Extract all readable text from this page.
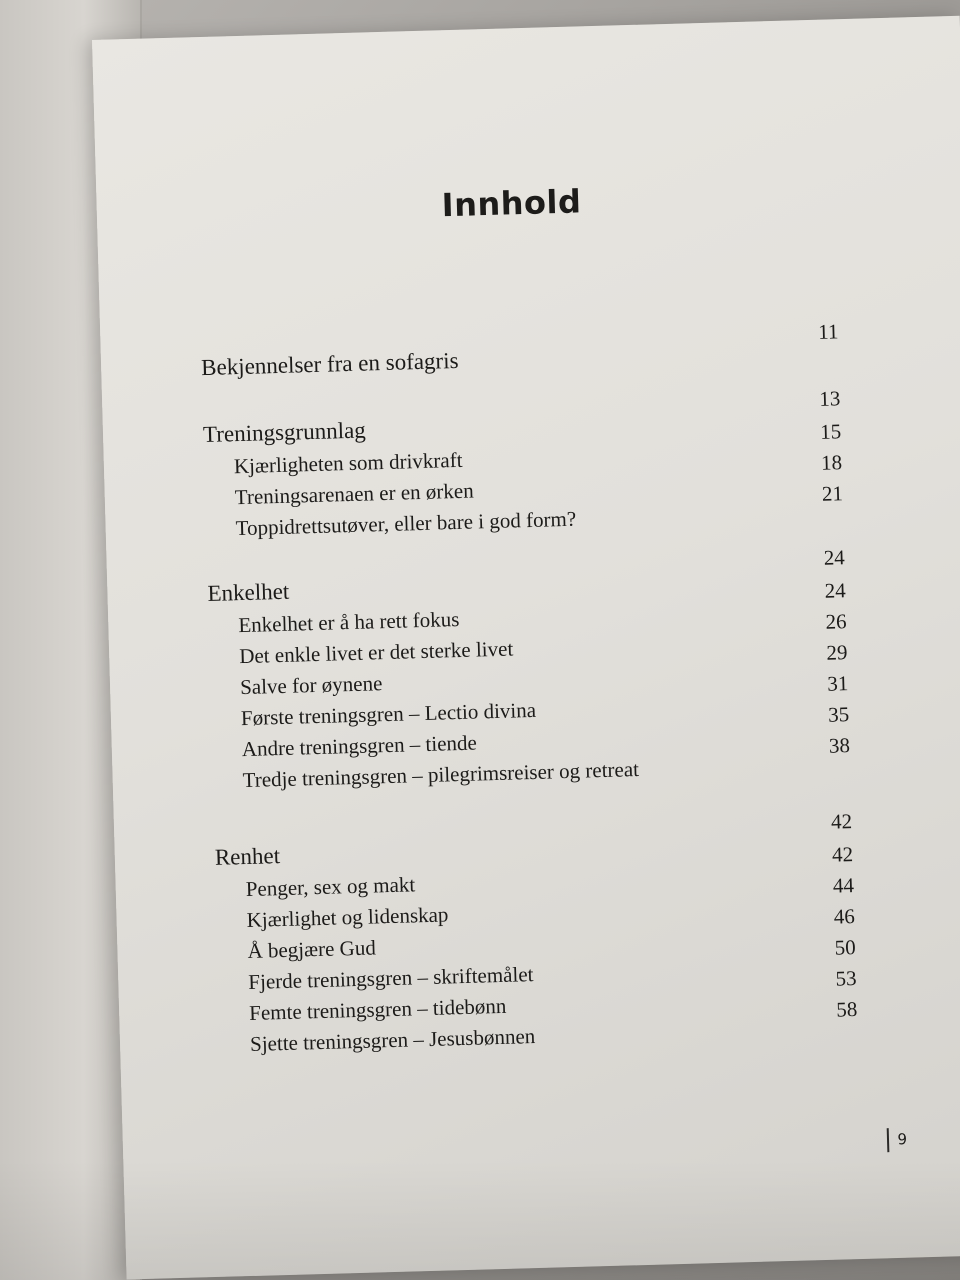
Innhold
Bekjennelser fra en sofagris
11
Treningsgrunnlag
13
Kjærligheten som drivkraft
15
Treningsarenaen er en ørken
18
Toppidrettsutøver, eller bare i god form?
21
Enkelhet
24
Enkelhet er å ha rett fokus
24
Det enkle livet er det sterke livet
26
Salve for øynene
29
Første treningsgren – Lectio divina
31
Andre treningsgren – tiende
35
Tredje treningsgren – pilegrimsreiser og retreat
38
Renhet
42
Penger, sex og makt
42
Kjærlighet og lidenskap
44
Å begjære Gud
46
Fjerde treningsgren – skriftemålet
50
Femte treningsgren – tidebønn
53
Sjette treningsgren – Jesusbønnen
58
9
